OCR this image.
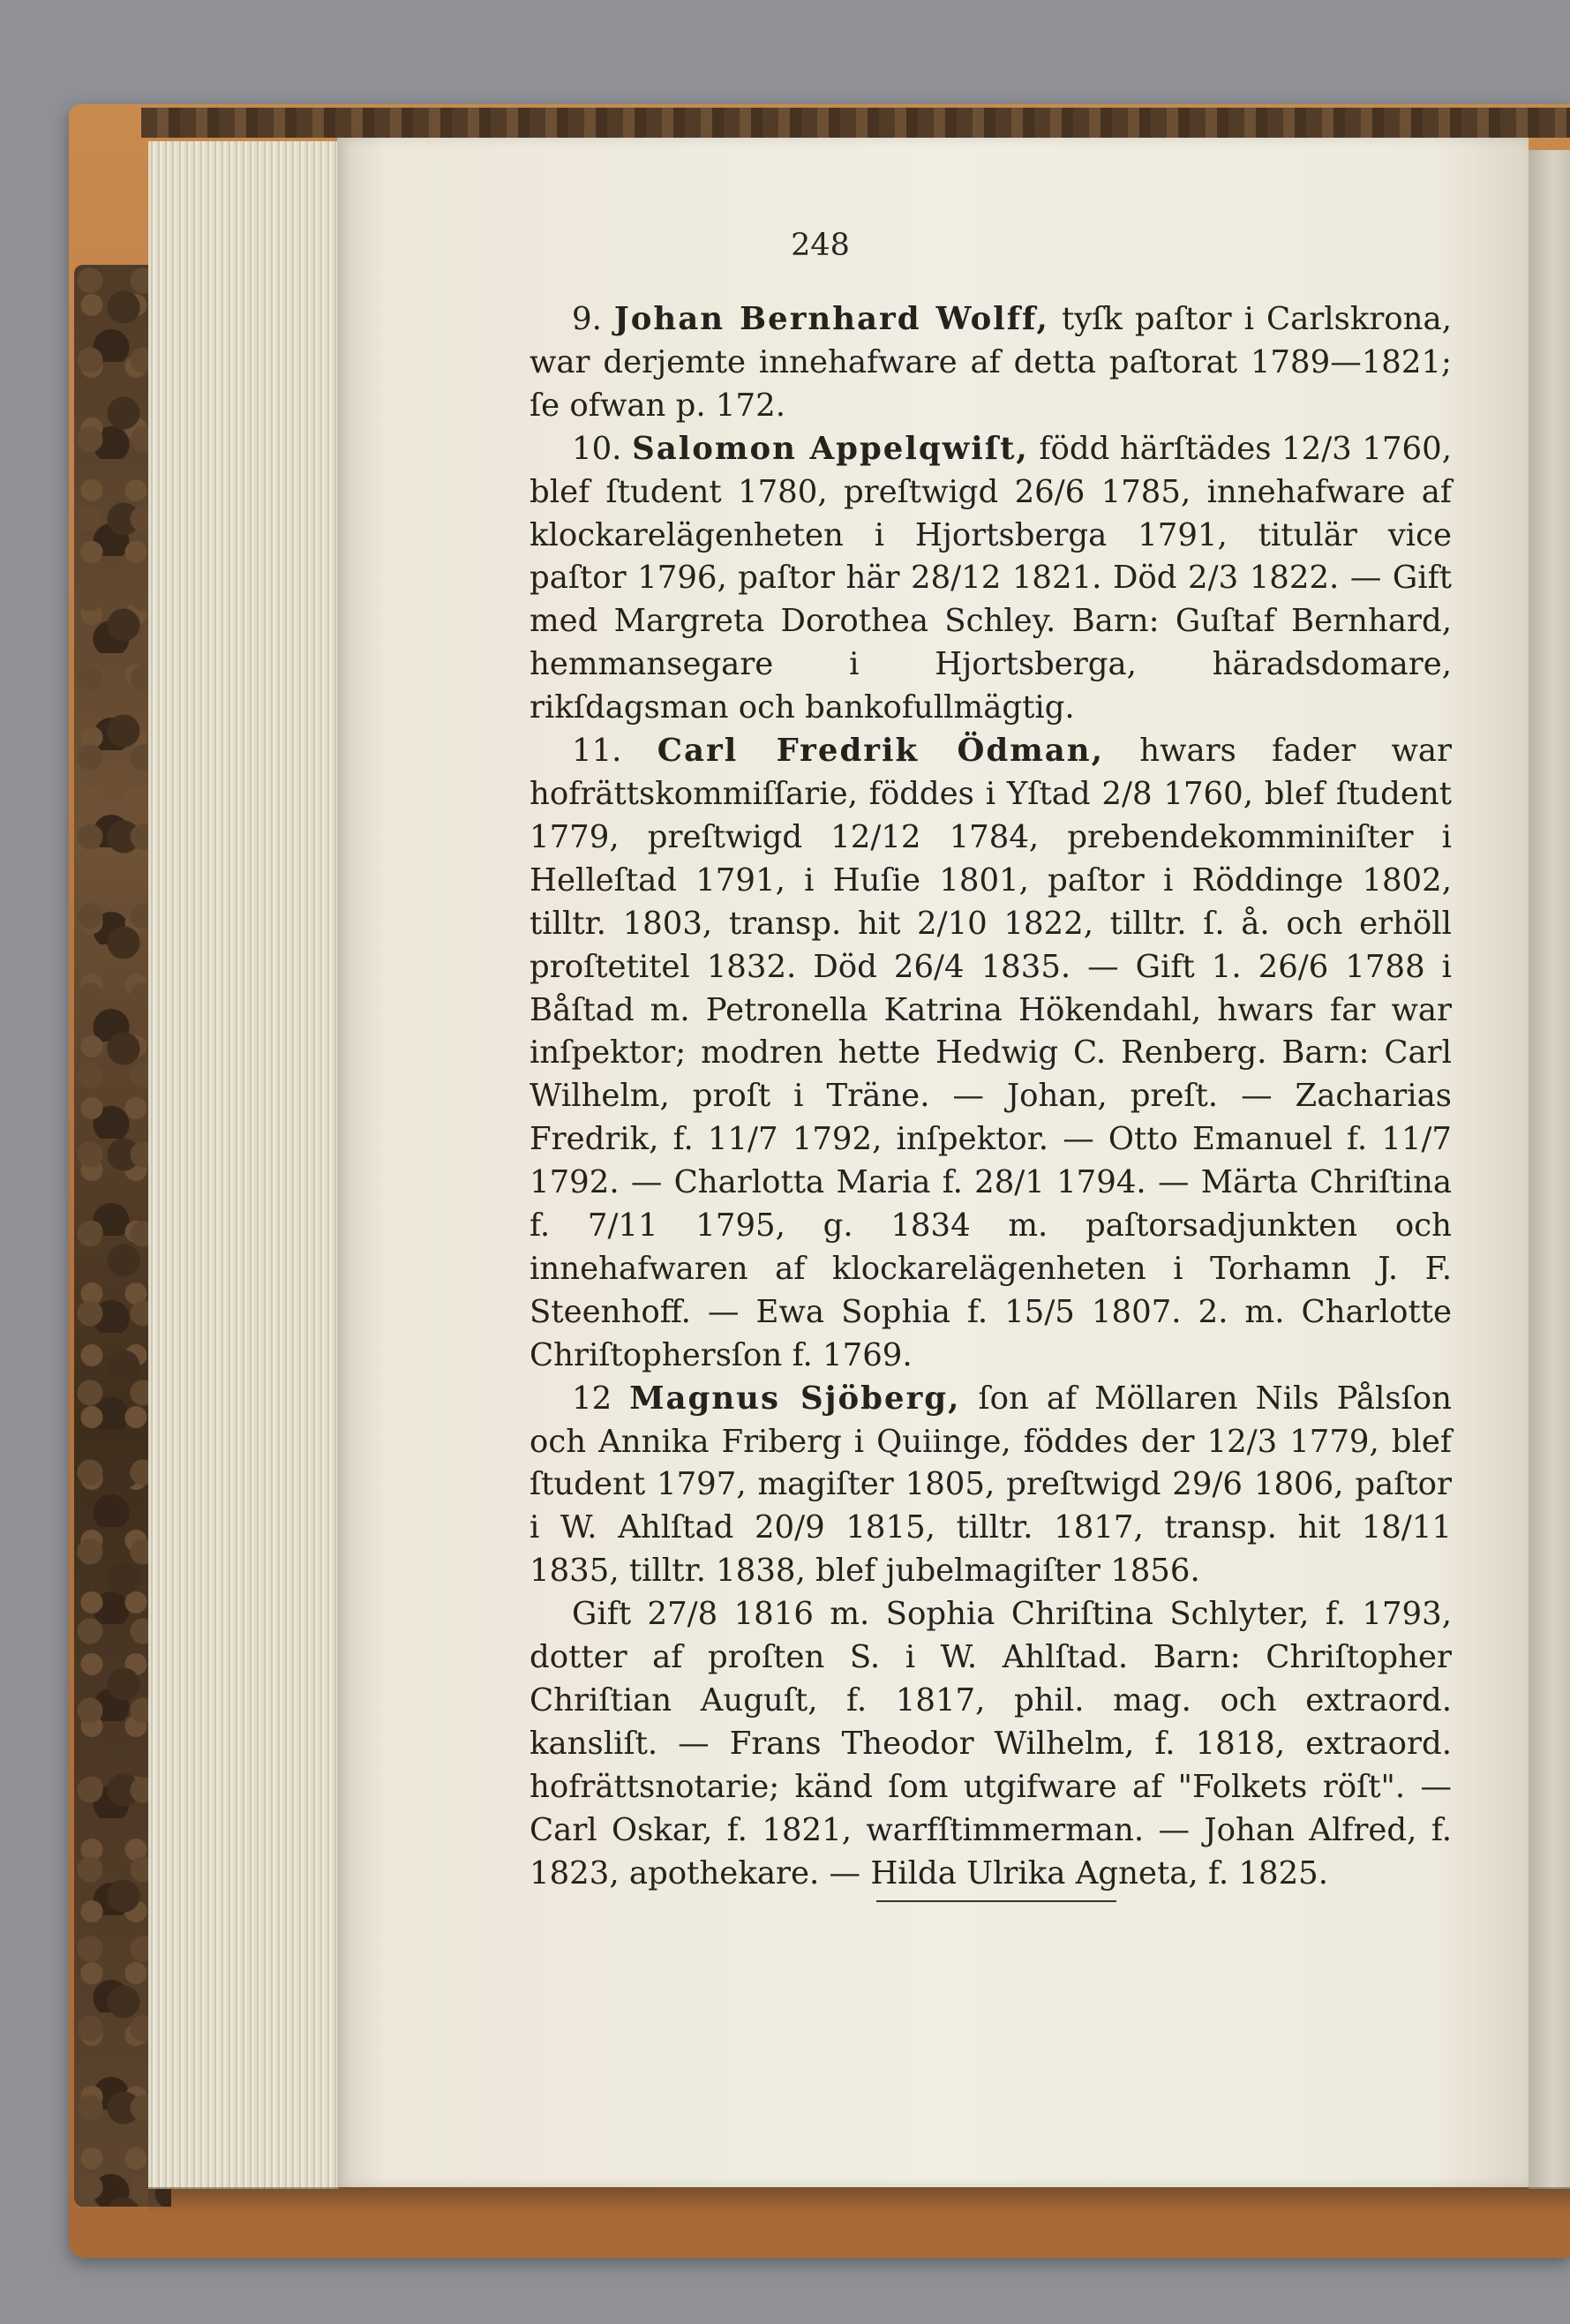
248

9. Johan Bernhard Wolff, tyſk paſtor i Carlskrona, war derjemte innehafware af detta paſtorat 1789—1821; ſe ofwan p. 172.

10. Salomon Appelqwiſt, född härſtädes 12/3 1760, blef ſtudent 1780, preſtwigd 26/6 1785, innehafware af klockarelägenheten i Hjortsberga 1791, titulär vice paſtor 1796, paſtor här 28/12 1821. Död 2/3 1822. — Gift med Margreta Dorothea Schley. Barn: Guſtaf Bernhard, hemmansegare i Hjortsberga, häradsdomare, rikſdagsman och bankofullmägtig.

11. Carl Fredrik Ödman, hwars fader war hofrättskommiſſarie, föddes i Yſtad 2/8 1760, blef ſtudent 1779, preſtwigd 12/12 1784, prebendekomminiſter i Helleſtad 1791, i Huſie 1801, paſtor i Röddinge 1802, tilltr. 1803, transp. hit 2/10 1822, tilltr. ſ. å. och erhöll proſtetitel 1832. Död 26/4 1835. — Gift 1. 26/6 1788 i Båſtad m. Petronella Katrina Hökendahl, hwars far war inſpektor; modren hette Hedwig C. Renberg. Barn: Carl Wilhelm, proſt i Träne. — Johan, preſt. — Zacharias Fredrik, f. 11/7 1792, inſpektor. — Otto Emanuel f. 11/7 1792. — Charlotta Maria f. 28/1 1794. — Märta Chriſtina f. 7/11 1795, g. 1834 m. paſtorsadjunkten och innehafwaren af klockarelägenheten i Torhamn J. F. Steenhoff. — Ewa Sophia f. 15/5 1807. 2. m. Charlotte Chriſtophersſon f. 1769.

12 Magnus Sjöberg, ſon af Möllaren Nils Pålsſon och Annika Friberg i Quiinge, föddes der 12/3 1779, blef ſtudent 1797, magiſter 1805, preſtwigd 29/6 1806, paſtor i W. Ahlſtad 20/9 1815, tilltr. 1817, transp. hit 18/11 1835, tilltr. 1838, blef jubelmagiſter 1856.

Gift 27/8 1816 m. Sophia Chriſtina Schlyter, f. 1793, dotter af proſten S. i W. Ahlſtad. Barn: Chriſtopher Chriſtian Auguſt, f. 1817, phil. mag. och extraord. kansliſt. — Frans Theodor Wilhelm, f. 1818, extraord. hofrättsnotarie; känd ſom utgifware af "Folkets röſt". — Carl Oskar, f. 1821, warfſtimmerman. — Johan Alfred, f. 1823, apothekare. — Hilda Ulrika Agneta, f. 1825.
